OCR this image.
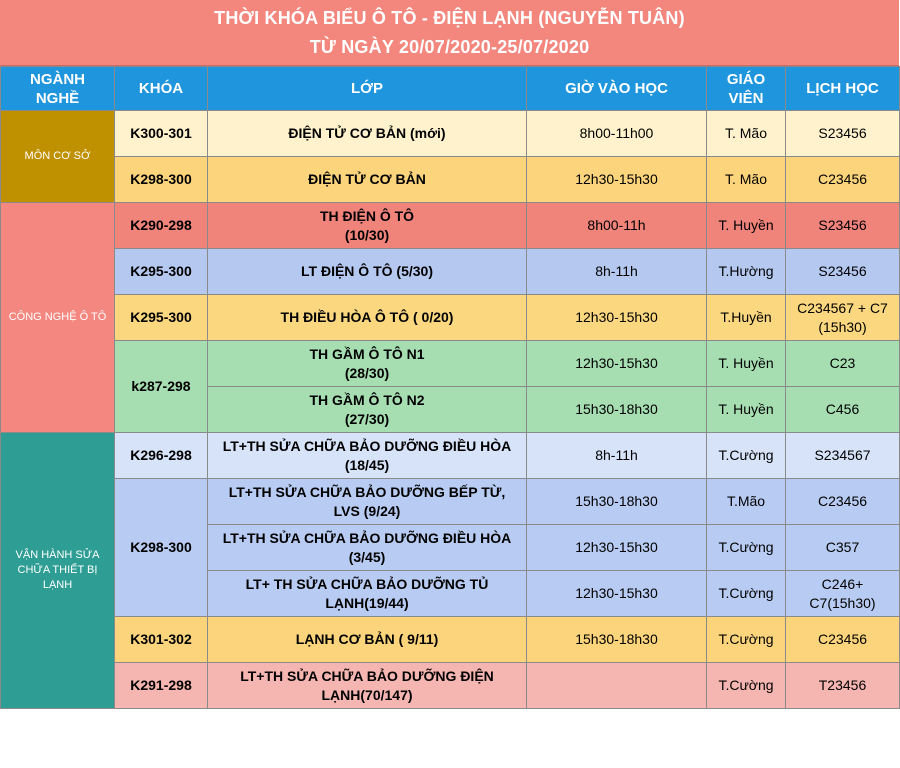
THỜI KHÓA BIỂU Ô TÔ - ĐIỆN LẠNH (NGUYỄN TUÂN)
TỪ NGÀY 20/07/2020-25/07/2020
NGÀNH NGHỀ	KHÓA	LỚP	GIỜ VÀO HỌC	GIÁO VIÊN	LỊCH HỌC
MÔN CƠ SỞ	K300-301	ĐIỆN TỬ CƠ BẢN (mới)	8h00-11h00	T. Mão	S23456
	K298-300	ĐIỆN TỬ CƠ BẢN	12h30-15h30	T. Mão	C23456
CÔNG NGHỆ Ô TÔ	K290-298	TH ĐIỆN Ô TÔ
(10/30)	8h00-11h	T. Huyền	S23456
	K295-300	LT ĐIỆN Ô TÔ (5/30)	8h-11h	T.Hường	S23456
	K295-300	TH ĐIỀU HÒA Ô TÔ ( 0/20)	12h30-15h30	T.Huyền	C234567 + C7
(15h30)
	k287-298	TH GẦM Ô TÔ N1
(28/30)	12h30-15h30	T. Huyền	C23
		TH GẦM Ô TÔ N2
(27/30)	15h30-18h30	T. Huyền	C456
VẬN HÀNH SỬA CHỮA THIẾT BỊ LẠNH	K296-298	LT+TH SỬA CHỮA BẢO DƯỠNG ĐIỀU HÒA
(18/45)	8h-11h	T.Cường	S234567
	K298-300	LT+TH SỬA CHỮA BẢO DƯỠNG BẾP TỪ,
LVS (9/24)	15h30-18h30	T.Mão	C23456
		LT+TH SỬA CHỮA BẢO DƯỠNG ĐIỀU HÒA
(3/45)	12h30-15h30	T.Cường	C357
		LT+ TH SỬA CHỮA BẢO DƯỠNG TỦ
LẠNH(19/44)	12h30-15h30	T.Cường	C246+
C7(15h30)
	K301-302	LẠNH CƠ BẢN ( 9/11)	15h30-18h30	T.Cường	C23456
	K291-298	LT+TH SỬA CHỮA BẢO DƯỠNG ĐIỆN
LẠNH(70/147)		T.Cường	T23456
